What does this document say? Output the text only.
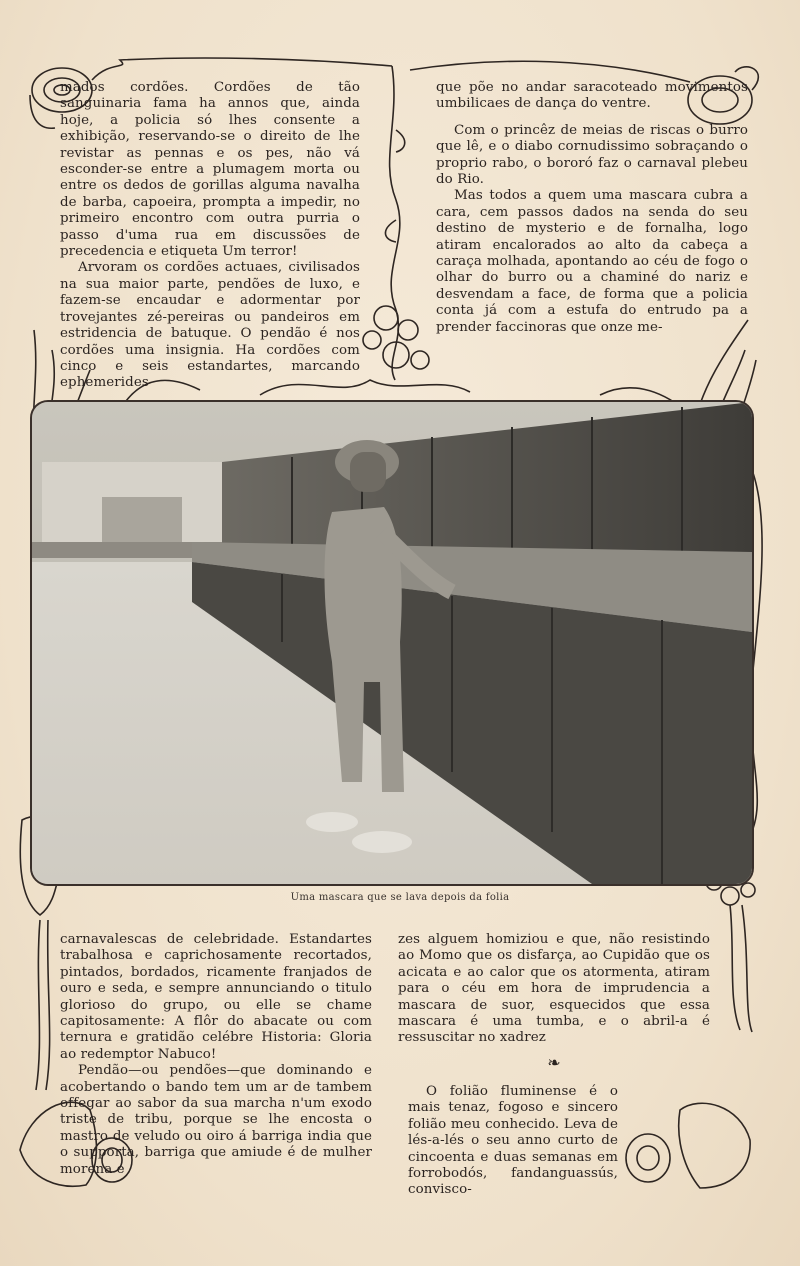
mados cordões. Cordões de tão sanguinaria fama ha annos que, ainda hoje, a policia só lhes consente a exhibição, reservando-se o direito de lhe revistar as pennas e os pes, não vá esconder-se entre a plumagem morta ou entre os dedos de gorillas alguma navalha de barba, capoeira, prompta a impedir, no primeiro encontro com outra purria o passo d'uma rua em discussões de precedencia e etiqueta Um terror!

Arvoram os cordões actuaes, civilisados na sua maior parte, pendões de luxo, e fazem-se encaudar e adormentar por trovejantes zé-pereiras ou pandeiros em estridencia de batuque. O pendão é nos cordões uma insignia. Ha cordões com cinco e seis estandartes, marcando ephemerides

que põe no andar saracoteado movimentos umbilicaes de dança do ventre.

Com o princêz de meias de riscas o burro que lê, e o diabo cornudissimo sobraçando o proprio rabo, o bororó faz o carnaval plebeu do Rio.

Mas todos a quem uma mascara cubra a cara, cem passos dados na senda do seu destino de mysterio e de fornalha, logo atiram encalorados ao alto da cabeça a caraça molhada, apontando ao céu de fogo o olhar do burro ou a chaminé do nariz e desvendam a face, de forma que a policia conta já com a estufa do entrudo pa a prender faccinoras que onze me-

Uma mascara que se lava depois da folia

carnavalescas de celebridade. Estandartes trabalhosa e caprichosamente recortados, pintados, bordados, ricamente franjados de ouro e seda, e sempre annunciando o titulo glorioso do grupo, ou elle se chame capitosamente: A flôr do abacate ou com ternura e gratidão celébre Historia: Gloria ao redemptor Nabuco!

Pendão—ou pendões—que dominando e acobertando o bando tem um ar de tambem offegar ao sabor da sua marcha n'um exodo triste de tribu, porque se lhe encosta o mastro de veludo ou oiro á barriga india que o supporta, barriga que amiude é de mulher morena e

zes alguem homiziou e que, não resistindo ao Momo que os disfarça, ao Cupidão que os acicata e ao calor que os atormenta, atiram para o céu em hora de imprudencia a mascara de suor, esquecidos que essa mascara é uma tumba, e o abril-a é ressuscitar no xadrez

❧

O folião fluminense é o mais tenaz, fogoso e sincero folião meu conhecido. Leva de lés-a-lés o seu anno curto de cincoenta e duas semanas em forrobodós, fandanguassús, convisco-
